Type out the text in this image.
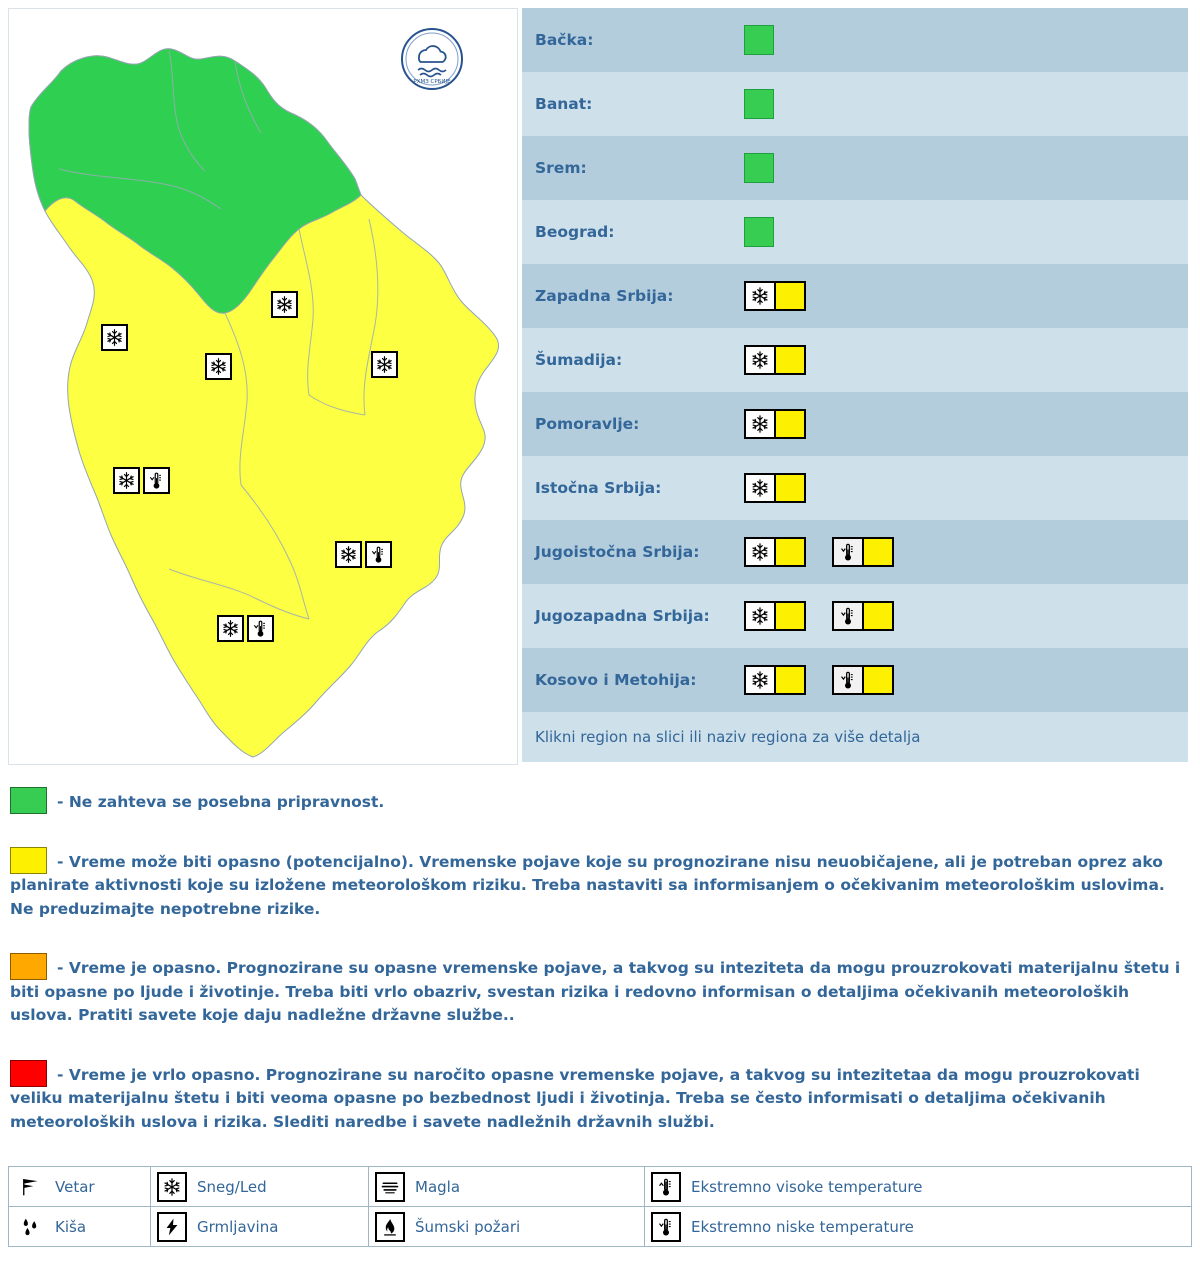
РХМЗ СРБИЈЕ
Bačka:
Banat:
Srem:
Beograd:
Zapadna Srbija:
Šumadija:
Pomoravlje:
Istočna Srbija:
Jugoistočna Srbija:
Jugozapadna Srbija:
Kosovo i Metohija:
Klikni region na slici ili naziv regiona za više detalja

- Ne zahteva se posebna pripravnost.

- Vreme može biti opasno (potencijalno). Vremenske pojave koje su prognozirane nisu neuobičajene, ali je potreban oprez ako planirate aktivnosti koje su izložene meteorološkom riziku. Treba nastaviti sa informisanjem o očekivanim meteorološkim uslovima. Ne preduzimajte nepotrebne rizike.

- Vreme je opasno. Prognozirane su opasne vremenske pojave, a takvog su inteziteta da mogu prouzrokovati materijalnu štetu i biti opasne po ljude i životinje. Treba biti vrlo obazriv, svestan rizika i redovno informisan o detaljima očekivanih meteoroloških uslova. Pratiti savete koje daju nadležne državne službe..

- Vreme je vrlo opasno. Prognozirane su naročito opasne vremenske pojave, a takvog su intezitetaa da mogu prouzrokovati veliku materijalnu štetu i biti veoma opasne po bezbednost ljudi i životinja. Treba se često informisati o detaljima očekivanih meteoroloških uslova i rizika. Slediti naredbe i savete nadležnih državnih službi.

Vetar	Sneg/Led	Magla	Ekstremno visoke temperature

Kiša	Grmljavina	Šumski požari	Ekstremno niske temperature
